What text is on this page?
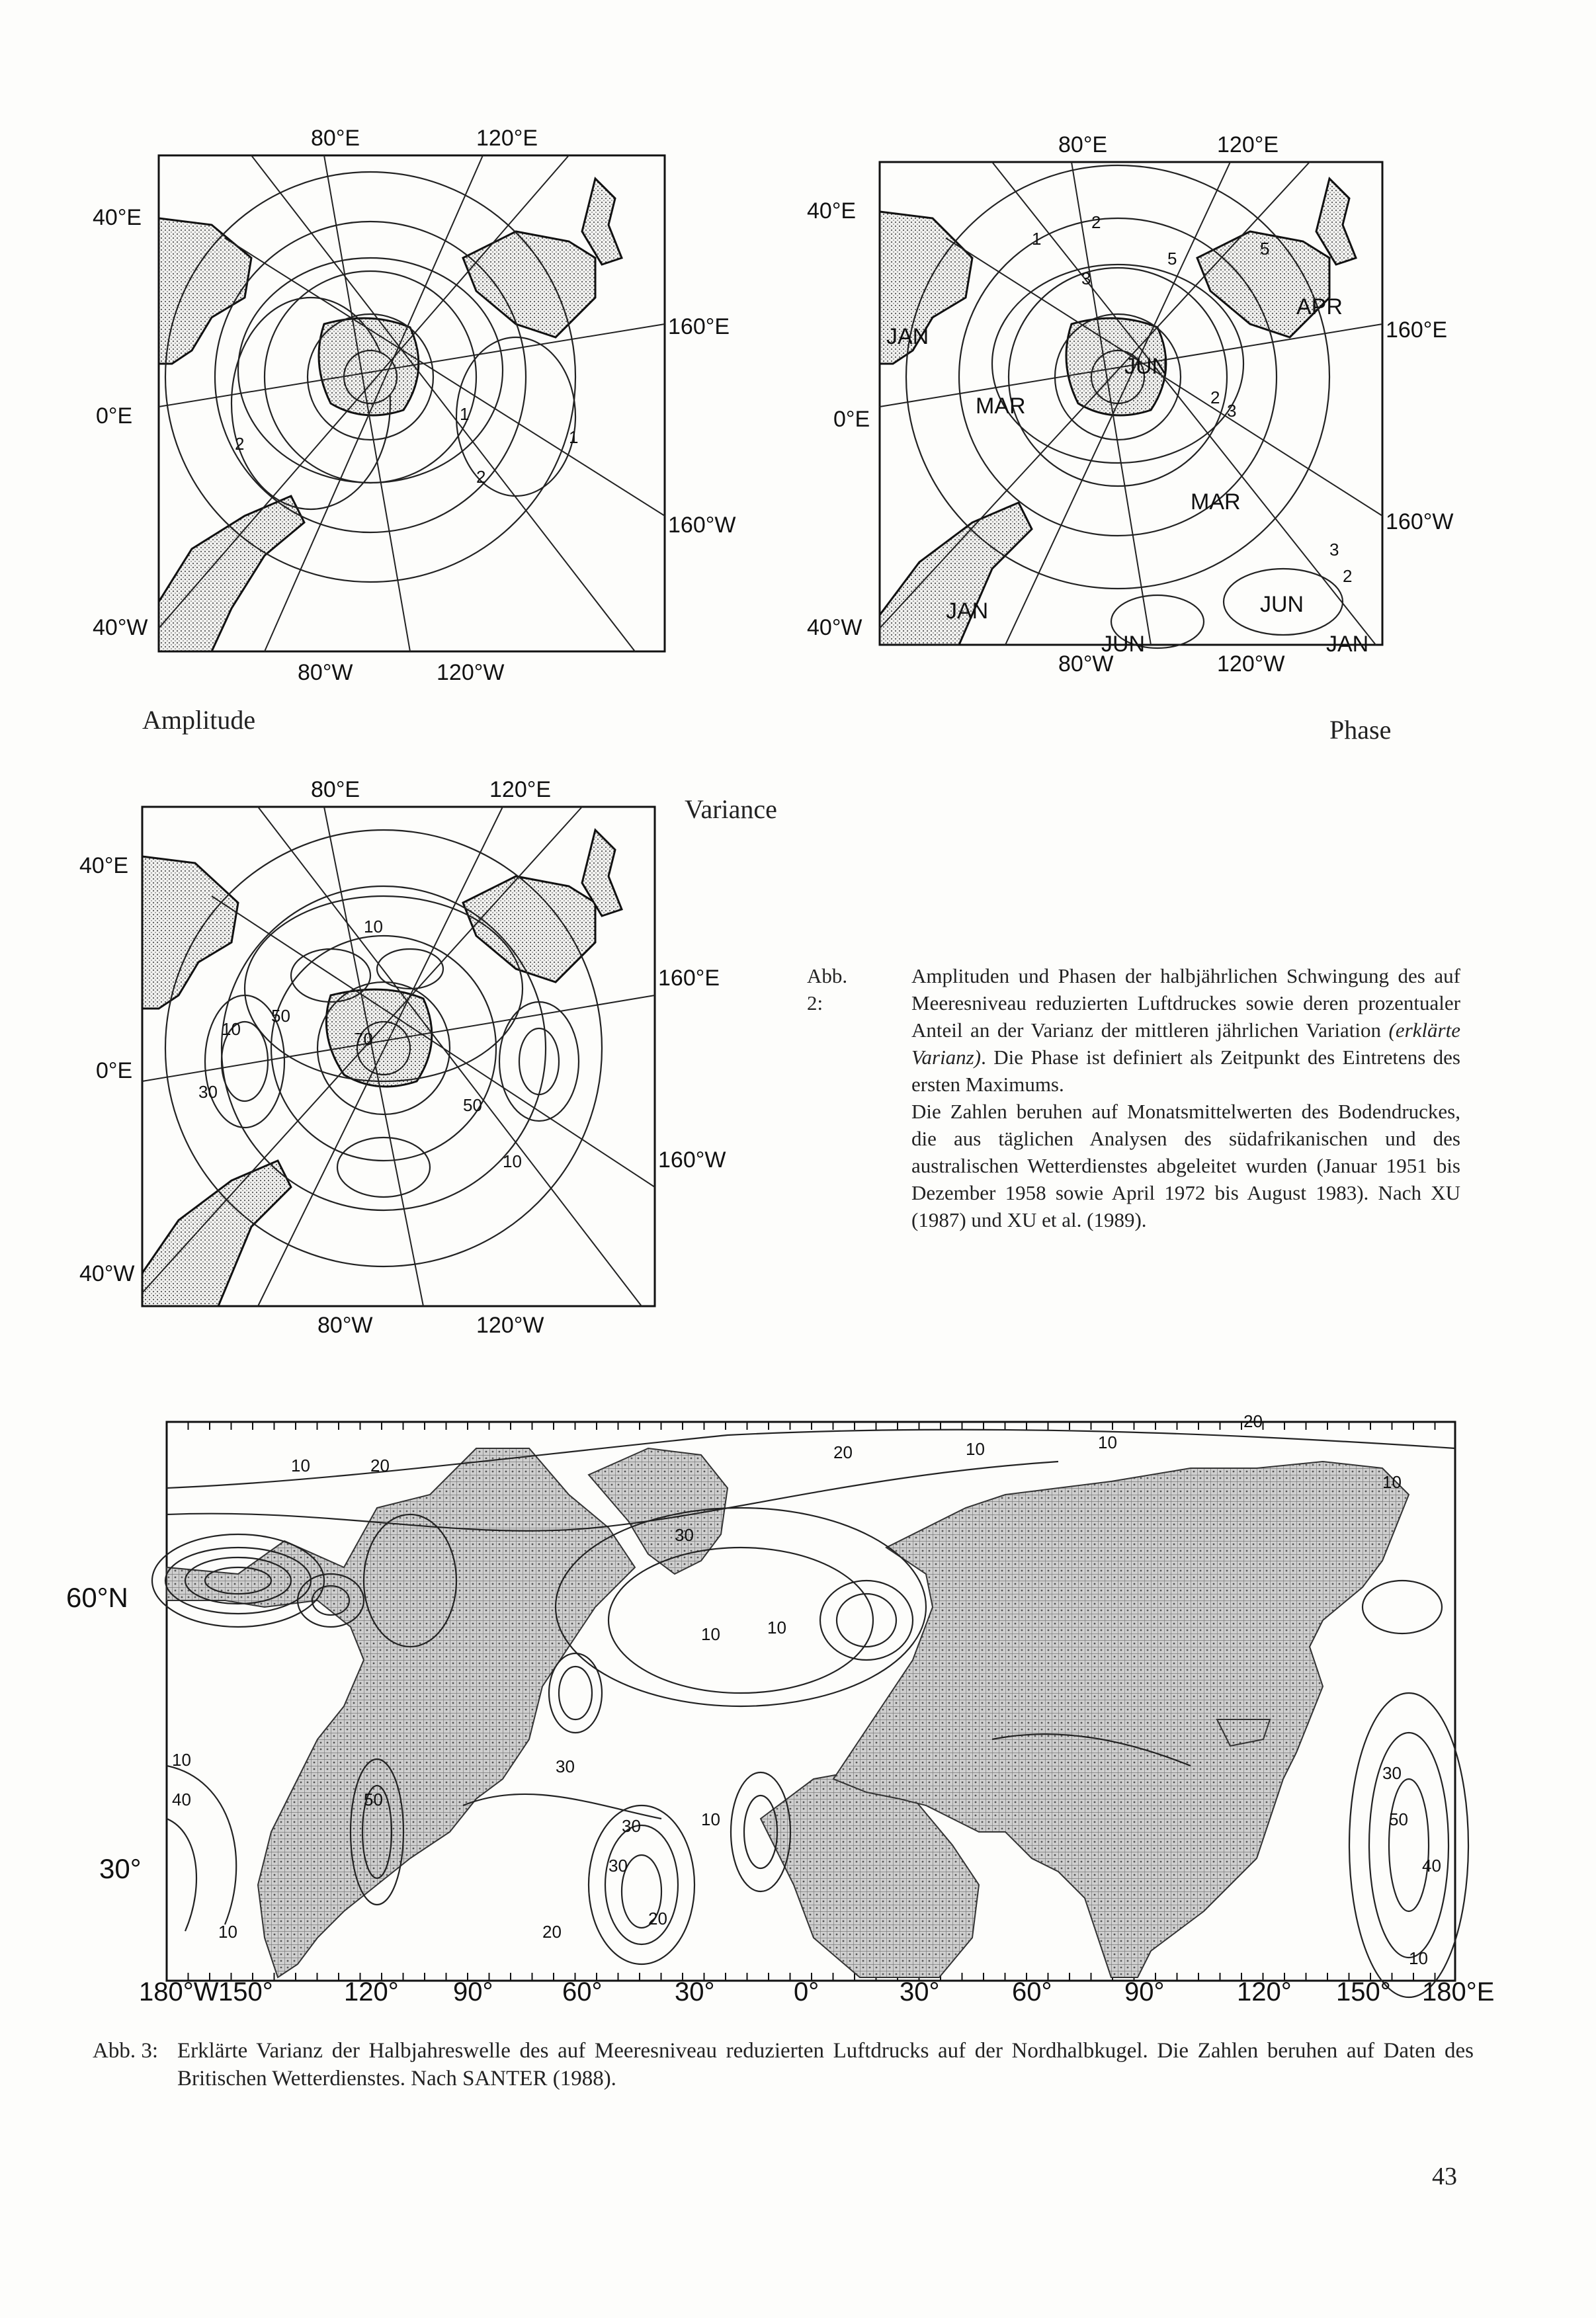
80°E	120°E
80°W	120°W
40°E
0°E
40°W
160°E
160°W
1
2	1
2
Amplitude
80°E	120°E
80°W	120°W
40°E
0°E
40°W
160°E
160°W
1
2
3
5	5
2
3
3
2
JAN
APR
JUN
MAR
MAR
JUN
JAN
JUN	JAN
Phase
80°E	120°E
80°W	120°W
40°E
0°E
40°W
160°E
160°W
10
10
30
50
70
50
10
Variance
Abb. 2:
Amplituden und Phasen der halbjährlichen Schwingung des auf Meeresniveau reduzierten Luftdruckes sowie deren prozentualer Anteil an der Varianz der mittleren jährlichen Variation (erklärte Varianz). Die Phase ist definiert als Zeitpunkt des Eintretens des ersten Maximums.
Die Zahlen beruhen auf Monatsmittelwerten des Bodendruckes, die aus täglichen Analysen des südafrikanischen und des australischen Wetterdienstes abgeleitet wurden (Januar 1951 bis Dezember 1958 sowie April 1972 bis August 1983). Nach XU (1987) und XU et al. (1989).
60°N
30°
20
10	20
10
20
30
10
10
10
30
20
10
30
40
50
30
40	50
30
20
10
10
10
10
180°W 150°	120° 90°	60°	30°	0°	30°	60°	90°	120° 150° 180°E
Abb. 3: Erklärte Varianz der Halbjahreswelle des auf Meeresniveau reduzierten Luftdrucks auf der Nordhalbkugel. Die Zahlen beruhen auf Daten des Britischen Wetterdienstes. Nach SANTER (1988).
43
